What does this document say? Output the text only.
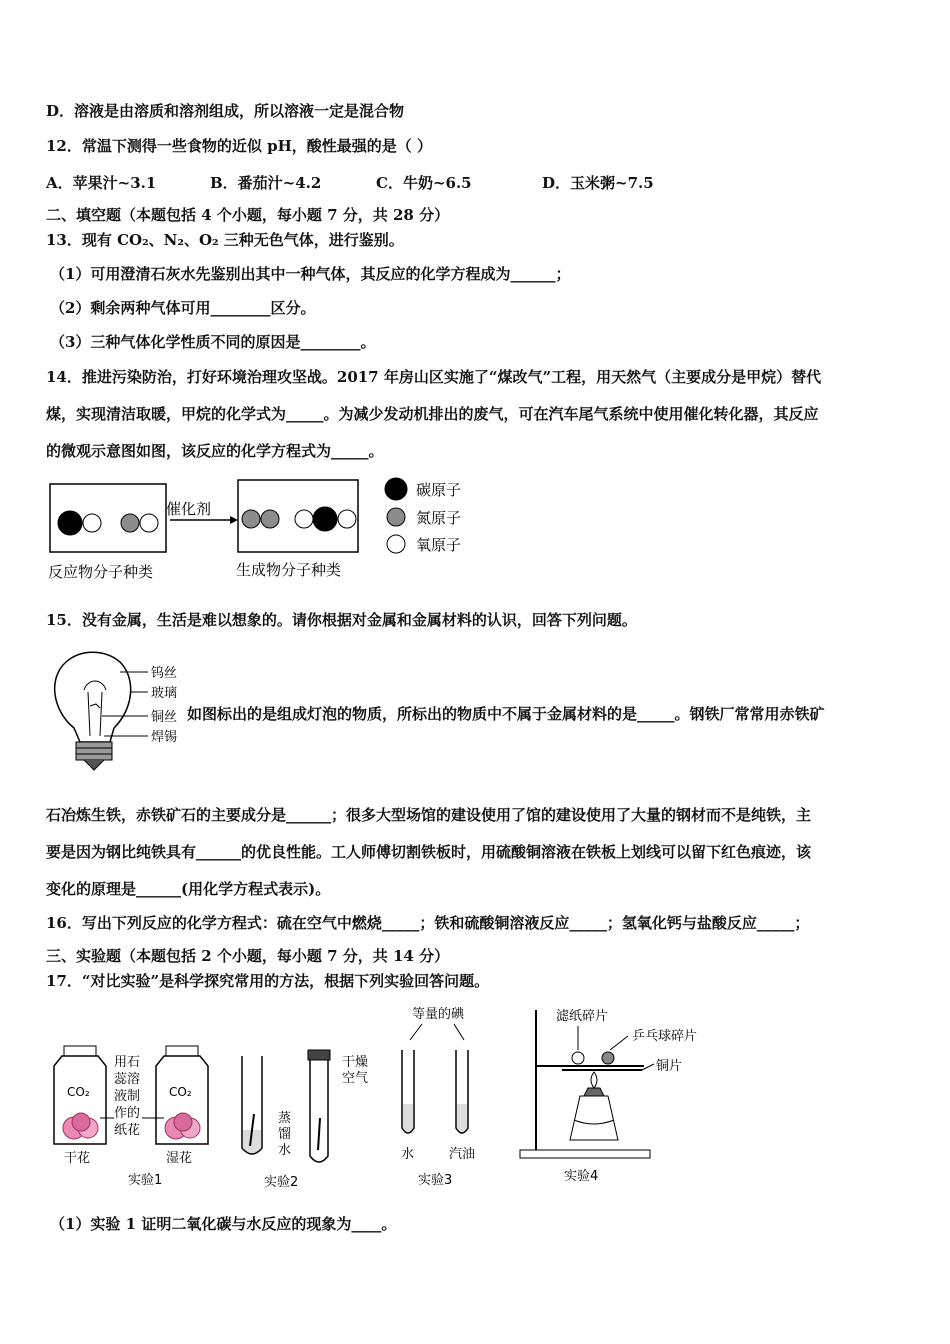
D．溶液是由溶质和溶剂组成，所以溶液一定是混合物
12．常温下测得一些食物的近似 pH，酸性最强的是（ ）
A．苹果汁~3.1	B．番茄汁~4.2	C．牛奶~6.5	D．玉米粥~7.5
二、填空题（本题包括 4 个小题，每小题 7 分，共 28 分）
13．现有 CO₂、N₂、O₂ 三种无色气体，进行鉴别。
（1）可用澄清石灰水先鉴别出其中一种气体，其反应的化学方程成为______；
（2）剩余两种气体可用________区分。
（3）三种气体化学性质不同的原因是________。
14．推进污染防治，打好环境治理攻坚战。2017 年房山区实施了“煤改气”工程，用天然气（主要成分是甲烷）替代
煤，实现清洁取暖，甲烷的化学式为_____。为减少发动机排出的废气，可在汽车尾气系统中使用催化转化器，其反应
的微观示意图如图，该反应的化学方程式为_____。
催化剂
反应物分子种类	生成物分子种类
碳原子
氮原子
氧原子
15．没有金属，生活是难以想象的。请你根据对金属和金属材料的认识，回答下列问题。
钨丝
玻璃
铜丝
焊锡
如图标出的是组成灯泡的物质，所标出的物质中不属于金属材料的是_____。钢铁厂常常用赤铁矿
石冶炼生铁，赤铁矿石的主要成分是______；很多大型场馆的建设使用了馆的建设使用了大量的钢材而不是纯铁，主
要是因为钢比纯铁具有______的优良性能。工人师傅切割铁板时，用硫酸铜溶液在铁板上划线可以留下红色痕迹，该
变化的原理是______(用化学方程式表示)。
16．写出下列反应的化学方程式：硫在空气中燃烧_____；铁和硫酸铜溶液反应_____；氢氧化钙与盐酸反应_____；
三、实验题（本题包括 2 个小题，每小题 7 分，共 14 分）
17．“对比实验”是科学探究常用的方法，根据下列实验回答问题。
CO₂	CO₂
用石
蕊溶
液制
作的
纸花
干花	湿花
实验1
蒸
馏
水
干燥
空气
实验2
等量的碘
水	汽油
实验3
滤纸碎片
乒乓球碎片
铜片
实验4
（1）实验 1 证明二氧化碳与水反应的现象为____。
